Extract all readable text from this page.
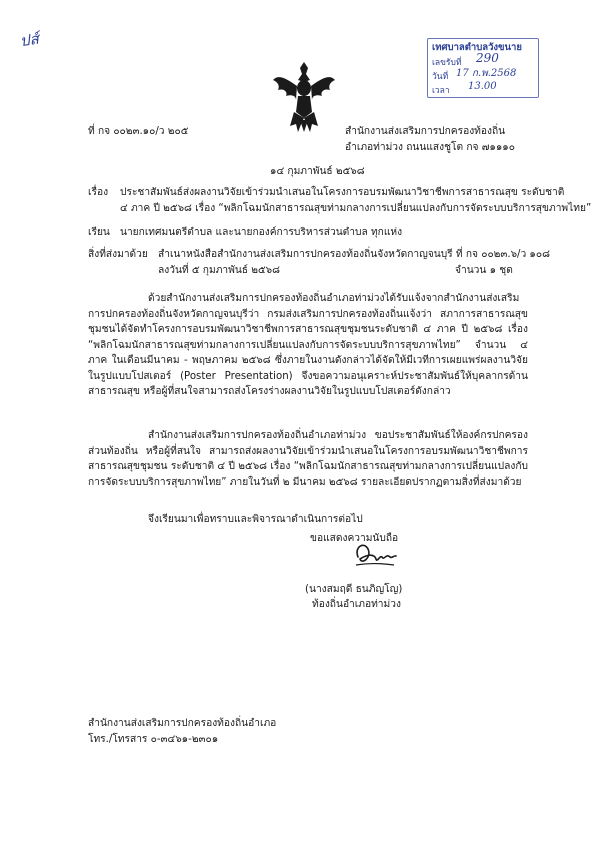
ปส์	เทศบาลตำบลวังขนาย
เลขรับที่ 290
วันที่ 17 ก.พ.2568
เวลา 13.00
ที่ กจ ๐๐๒๓.๑๐/ว ๒๐๕	สำนักงานส่งเสริมการปกครองท้องถิ่น
อำเภอท่าม่วง ถนนแสงชูโต กจ ๗๑๑๑๐
๑๔ กุมภาพันธ์ ๒๕๖๘
เรื่อง ประชาสัมพันธ์ส่งผลงานวิจัยเข้าร่วมนำเสนอในโครงการอบรมพัฒนาวิชาชีพการสาธารณสุข ระดับชาติ
๔ ภาค ปี ๒๕๖๘ เรื่อง “พลิกโฉมนักสาธารณสุขท่ามกลางการเปลี่ยนแปลงกับการจัดระบบบริการสุขภาพไทย”
เรียน นายกเทศมนตรีตำบล และนายกองค์การบริหารส่วนตำบล ทุกแห่ง
สิ่งที่ส่งมาด้วย สำเนาหนังสือสำนักงานส่งเสริมการปกครองท้องถิ่นจังหวัดกาญจนบุรี ที่ กจ ๐๐๒๓.๖/ว ๑๐๘
ลงวันที่ ๕ กุมภาพันธ์ ๒๕๖๘	จำนวน ๑ ชุด
ด้วยสำนักงานส่งเสริมการปกครองท้องถิ่นอำเภอท่าม่วงได้รับแจ้งจากสำนักงานส่งเสริมการปกครองท้องถิ่นจังหวัดกาญจนบุรีว่า กรมส่งเสริมการปกครองท้องถิ่นแจ้งว่า สภาการสาธารณสุขชุมชนได้จัดทำโครงการอบรมพัฒนาวิชาชีพการสาธารณสุขชุมชนระดับชาติ ๔ ภาค ปี ๒๕๖๘ เรื่อง “พลิกโฉมนักสาธารณสุขท่ามกลางการเปลี่ยนแปลงกับการจัดระบบบริการสุขภาพไทย” จำนวน ๔ ภาค ในเดือนมีนาคม - พฤษภาคม ๒๕๖๘ ซึ่งภายในงานดังกล่าวได้จัดให้มีเวทีการเผยแพร่ผลงานวิจัยในรูปแบบโปสเตอร์ (Poster Presentation) จึงขอความอนุเคราะห์ประชาสัมพันธ์ให้บุคลากรด้านสาธารณสุข หรือผู้ที่สนใจสามารถส่งโครงร่างผลงานวิจัยในรูปแบบโปสเตอร์ดังกล่าว
สำนักงานส่งเสริมการปกครองท้องถิ่นอำเภอท่าม่วง ขอประชาสัมพันธ์ให้องค์กรปกครองส่วนท้องถิ่น หรือผู้ที่สนใจ สามารถส่งผลงานวิจัยเข้าร่วมนำเสนอในโครงการอบรมพัฒนาวิชาชีพการสาธารณสุขชุมชน ระดับชาติ ๔ ปี ๒๕๖๘ เรื่อง “พลิกโฉมนักสาธารณสุขท่ามกลางการเปลี่ยนแปลงกับการจัดระบบบริการสุขภาพไทย” ภายในวันที่ ๒ มีนาคม ๒๕๖๘ รายละเอียดปรากฏตามสิ่งที่ส่งมาด้วย
จึงเรียนมาเพื่อทราบและพิจารณาดำเนินการต่อไป
ขอแสดงความนับถือ
(นางสมฤดี ธนภิญโญ)
ท้องถิ่นอำเภอท่าม่วง
สำนักงานส่งเสริมการปกครองท้องถิ่นอำเภอ
โทร./โทรสาร ๐-๓๔๖๑-๒๓๐๑
